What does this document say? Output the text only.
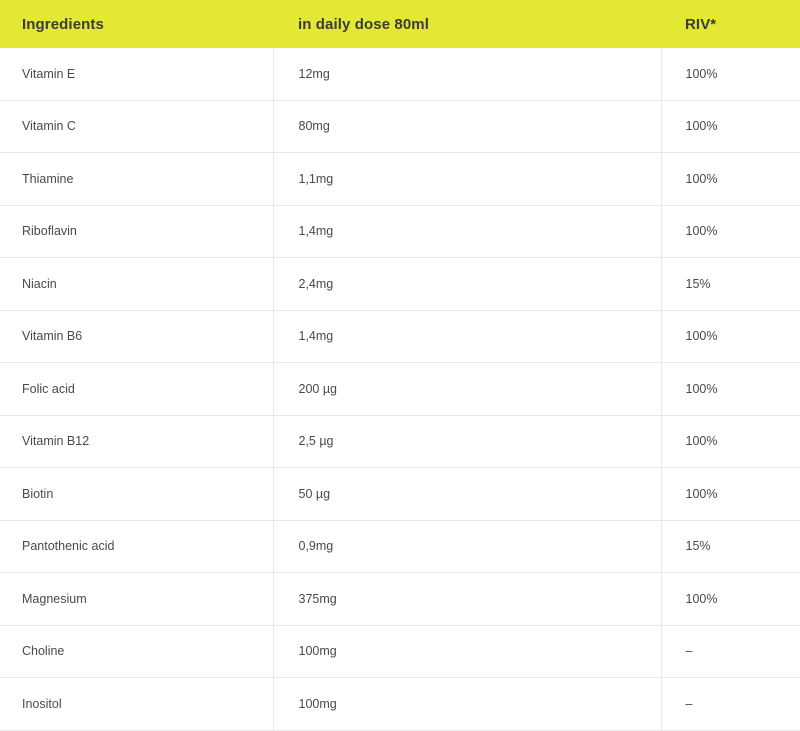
Ingredients	in daily dose 80ml	RIV*
Vitamin E	12mg	100%
Vitamin C	80mg	100%
Thiamine	1,1mg	100%
Riboflavin	1,4mg	100%
Niacin	2,4mg	15%
Vitamin B6	1,4mg	100%
Folic acid	200 µg	100%
Vitamin B12	2,5 µg	100%
Biotin	50 µg	100%
Pantothenic acid	0,9mg	15%
Magnesium	375mg	100%
Choline	100mg	–
Inositol	100mg	–
